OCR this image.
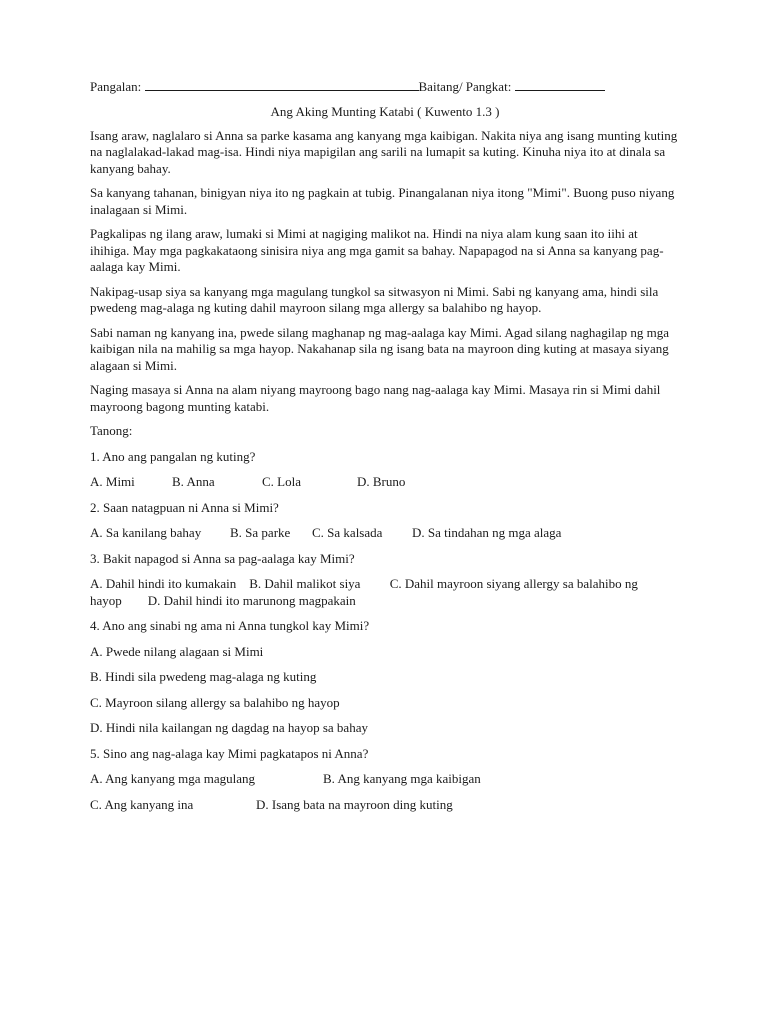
Pangalan:	Baitang/ Pangkat:
Ang Aking Munting Katabi ( Kuwento 1.3 )

Isang araw, naglalaro si Anna sa parke kasama ang kanyang mga kaibigan. Nakita niya ang isang munting kuting na naglalakad-lakad mag-isa. Hindi niya mapigilan ang sarili na lumapit sa kuting. Kinuha niya ito at dinala sa kanyang bahay.

Sa kanyang tahanan, binigyan niya ito ng pagkain at tubig. Pinangalanan niya itong "Mimi". Buong puso niyang inalagaan si Mimi.

Pagkalipas ng ilang araw, lumaki si Mimi at nagiging malikot na. Hindi na niya alam kung saan ito iihi at ihihiga. May mga pagkakataong sinisira niya ang mga gamit sa bahay. Napapagod na si Anna sa kanyang pag-aalaga kay Mimi.

Nakipag-usap siya sa kanyang mga magulang tungkol sa sitwasyon ni Mimi. Sabi ng kanyang ama, hindi sila pwedeng mag-alaga ng kuting dahil mayroon silang mga allergy sa balahibo ng hayop.

Sabi naman ng kanyang ina, pwede silang maghanap ng mag-aalaga kay Mimi. Agad silang naghagilap ng mga kaibigan nila na mahilig sa mga hayop. Nakahanap sila ng isang bata na mayroon ding kuting at masaya siyang alagaan si Mimi.

Naging masaya si Anna na alam niyang mayroong bago nang nag-aalaga kay Mimi. Masaya rin si Mimi dahil mayroong bagong munting katabi.

Tanong:
1. Ano ang pangalan ng kuting?
A. Mimi	B. Anna	C. Lola	D. Bruno
2. Saan natagpuan ni Anna si Mimi?
A. Sa kanilang bahay B. Sa parke C. Sa kalsada D. Sa tindahan ng mga alaga
3. Bakit napagod si Anna sa pag-aalaga kay Mimi?
A. Dahil hindi ito kumakain B. Dahil malikot siya C. Dahil mayroon siyang allergy sa balahibo ng hayop D. Dahil hindi ito marunong magpakain
4. Ano ang sinabi ng ama ni Anna tungkol kay Mimi?
A. Pwede nilang alagaan si Mimi
B. Hindi sila pwedeng mag-alaga ng kuting
C. Mayroon silang allergy sa balahibo ng hayop
D. Hindi nila kailangan ng dagdag na hayop sa bahay
5. Sino ang nag-alaga kay Mimi pagkatapos ni Anna?
A. Ang kanyang mga magulang	B. Ang kanyang mga kaibigan
C. Ang kanyang ina	D. Isang bata na mayroon ding kuting
